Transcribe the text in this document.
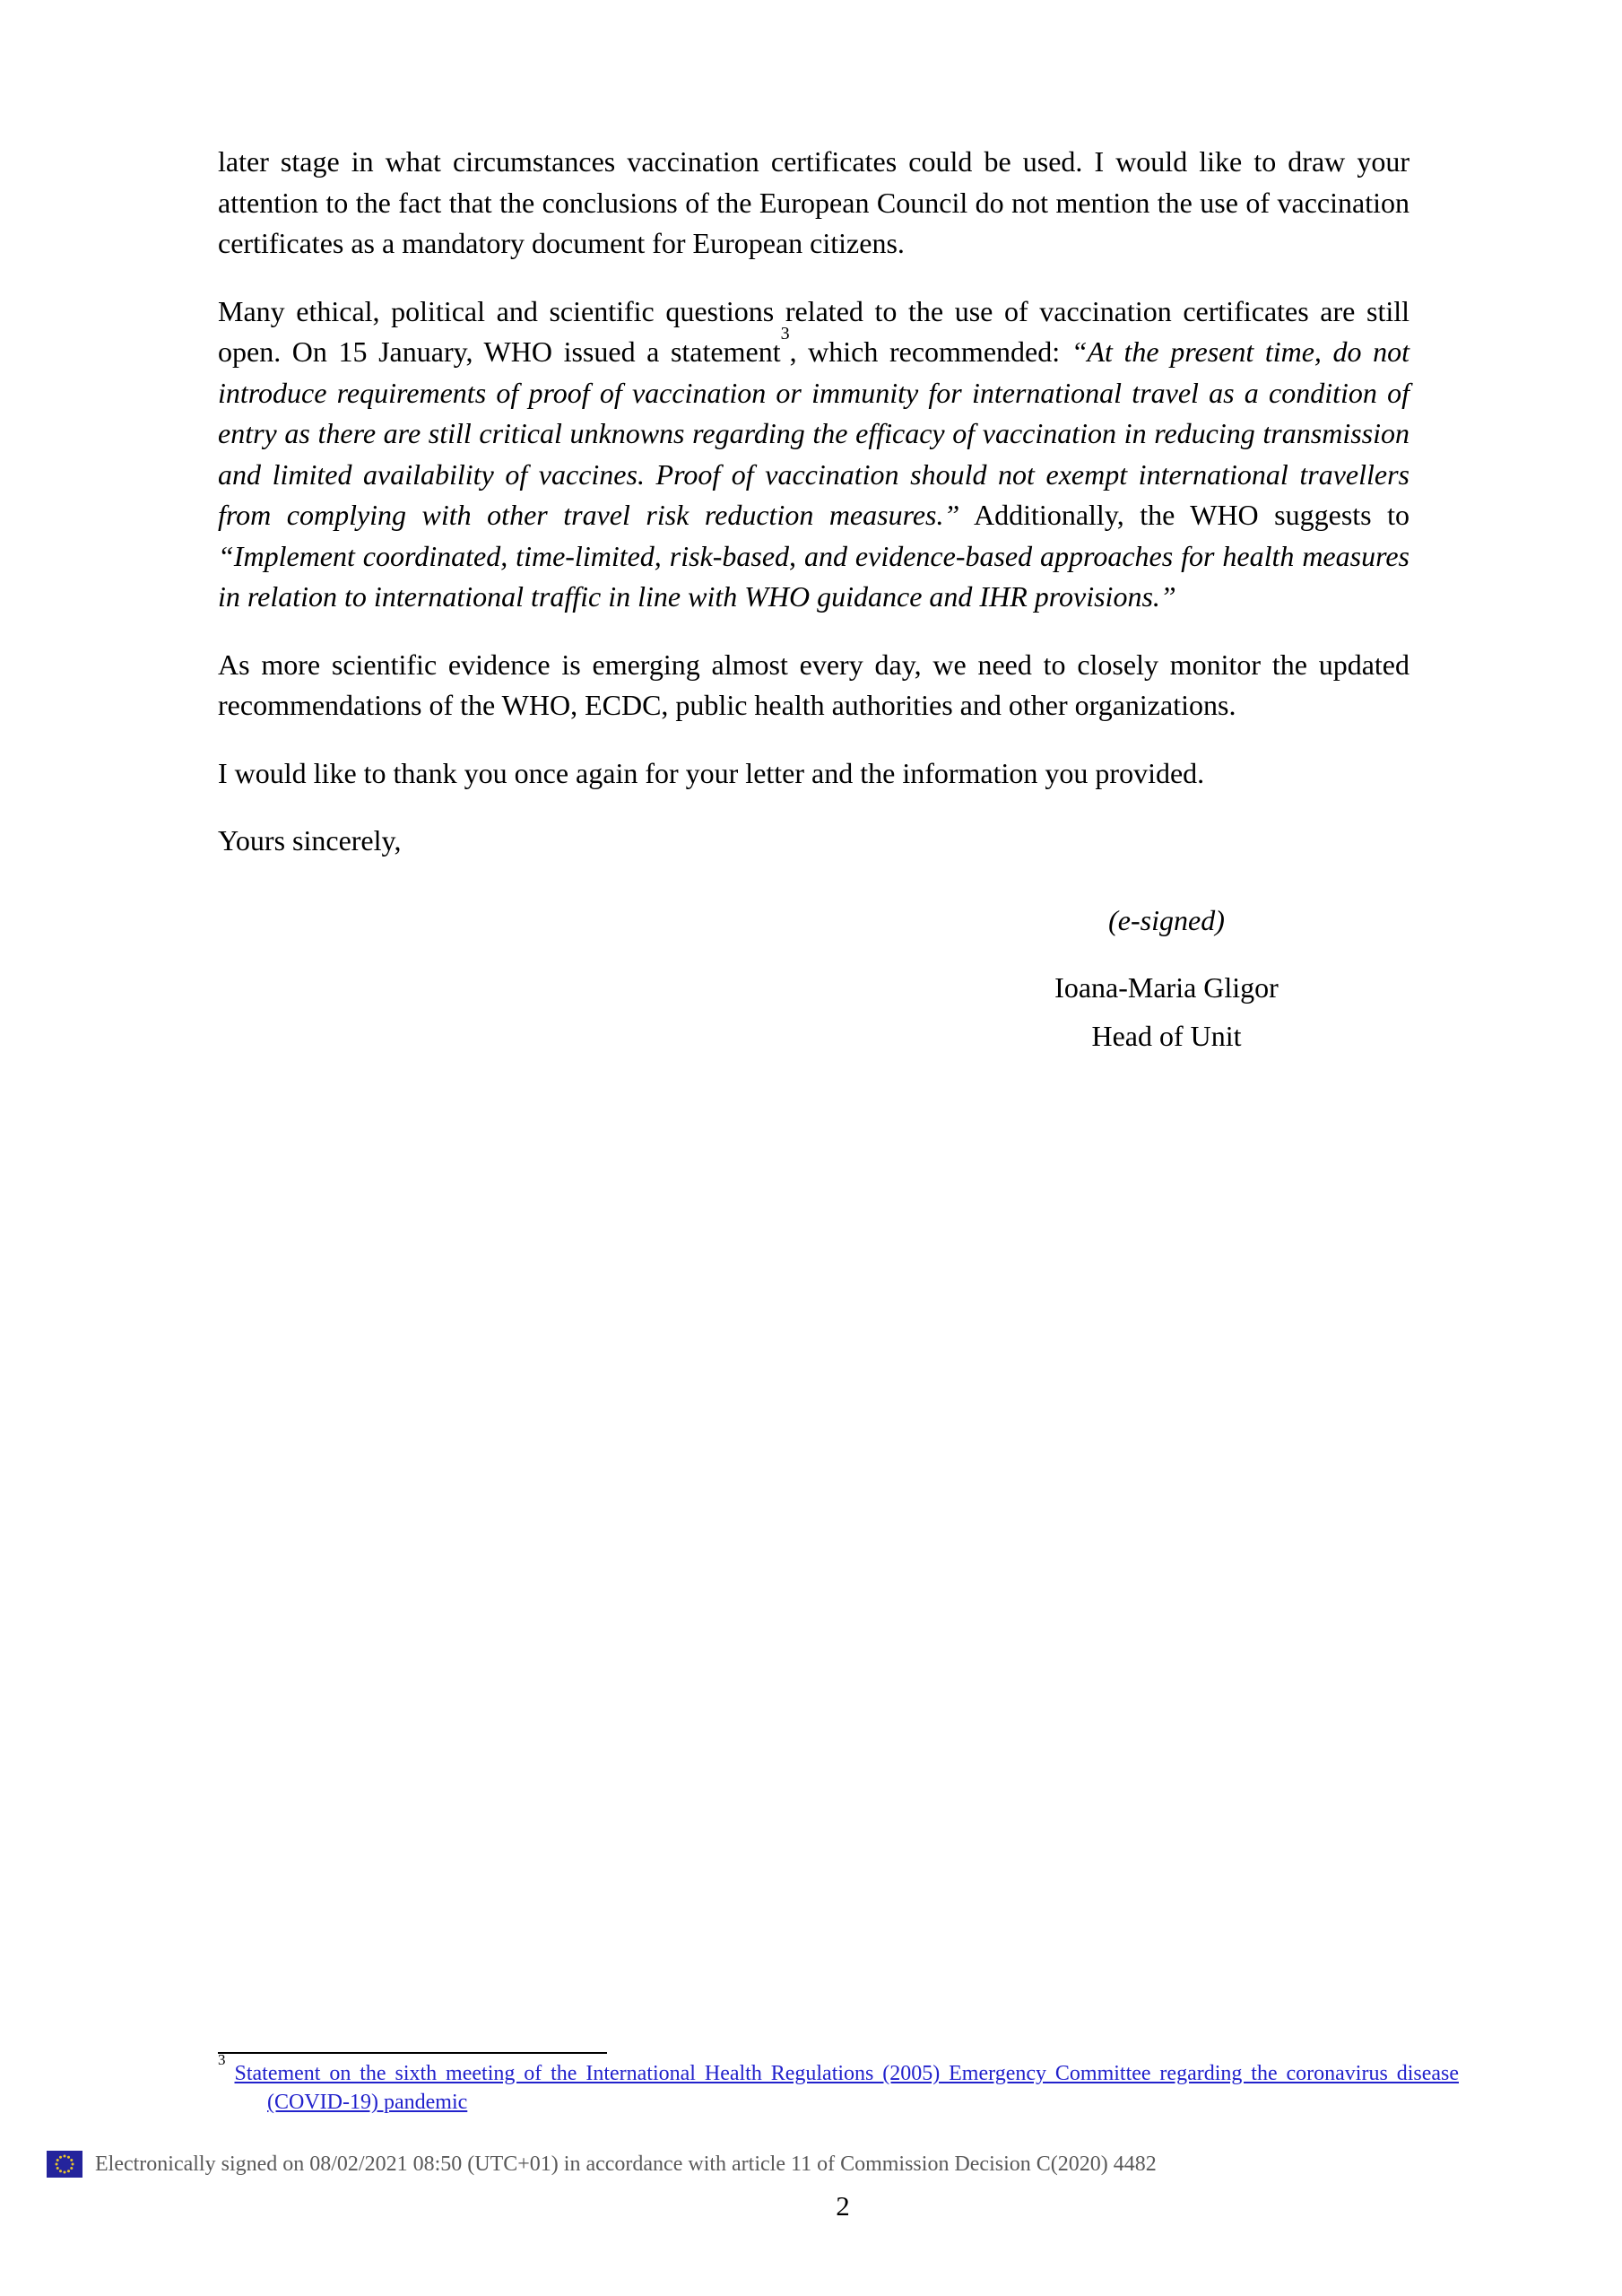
later stage in what circumstances vaccination certificates could be used. I would like to draw your attention to the fact that the conclusions of the European Council do not mention the use of vaccination certificates as a mandatory document for European citizens.

Many ethical, political and scientific questions related to the use of vaccination certificates are still open. On 15 January, WHO issued a statement$^3$, which recommended: “At the present time, do not introduce requirements of proof of vaccination or immunity for international travel as a condition of entry as there are still critical unknowns regarding the efficacy of vaccination in reducing transmission and limited availability of vaccines. Proof of vaccination should not exempt international travellers from complying with other travel risk reduction measures.” Additionally, the WHO suggests to “Implement coordinated, time-limited, risk-based, and evidence-based approaches for health measures in relation to international traffic in line with WHO guidance and IHR provisions.”

As more scientific evidence is emerging almost every day, we need to closely monitor the updated recommendations of the WHO, ECDC, public health authorities and other organizations.

I would like to thank you once again for your letter and the information you provided.

Yours sincerely,

(e-signed)
Ioana-Maria Gligor
Head of Unit
$^3$Statement on the sixth meeting of the International Health Regulations (2005) Emergency Committee regarding the coronavirus disease (COVID-19) pandemic
Electronically signed on 08/02/2021 08:50 (UTC+01) in accordance with article 11 of Commission Decision C(2020) 4482
2
